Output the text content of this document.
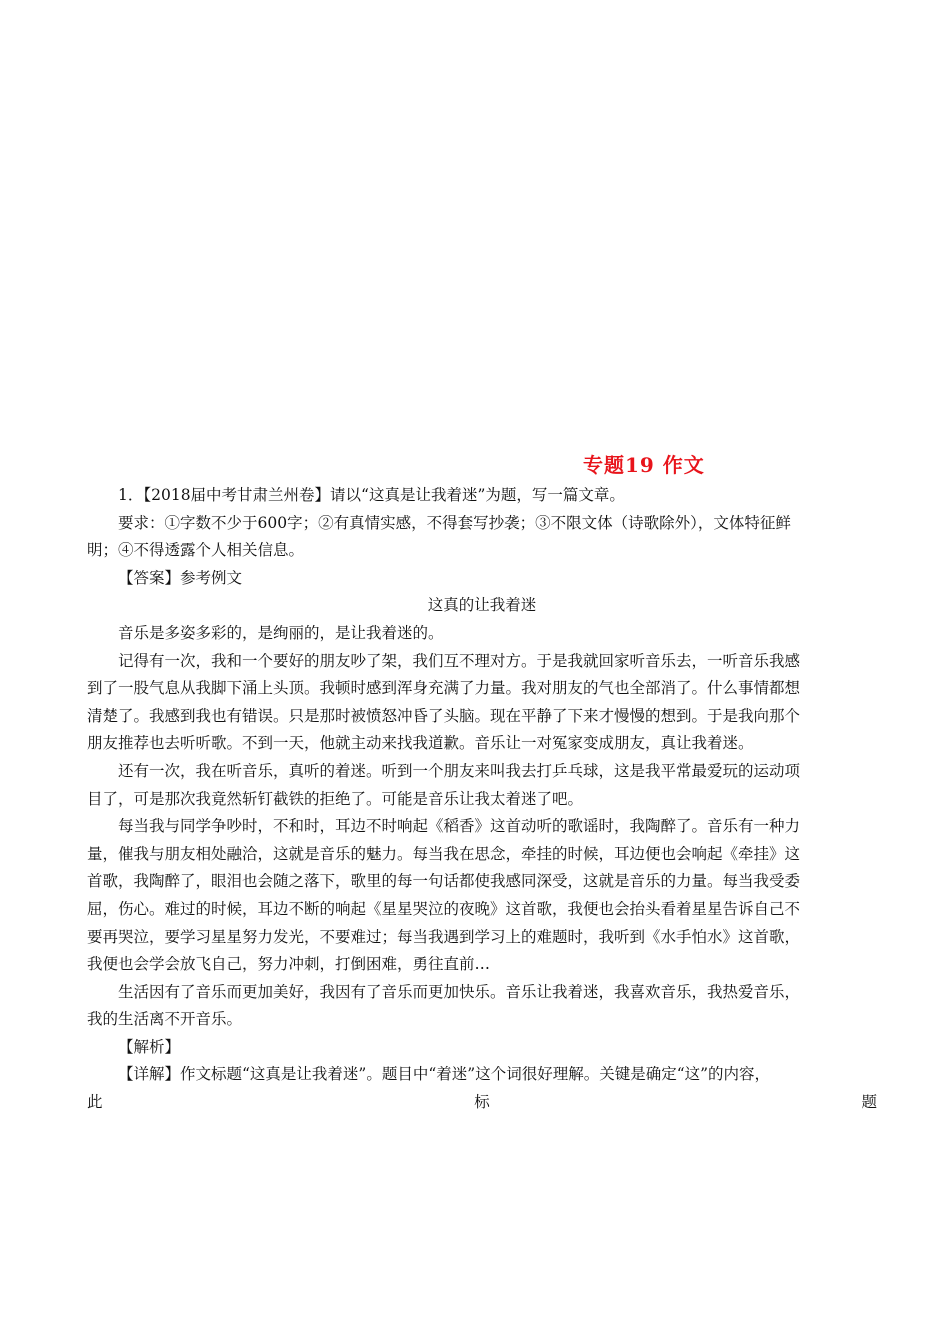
专题19 作文

1．【2018届中考甘肃兰州卷】请以“这真是让我着迷”为题，写一篇文章。

要求：①字数不少于600字；②有真情实感，不得套写抄袭；③不限文体（诗歌除外），文体特征鲜

明；④不得透露个人相关信息。

【答案】参考例文

这真的让我着迷

音乐是多姿多彩的，是绚丽的，是让我着迷的。

记得有一次，我和一个要好的朋友吵了架，我们互不理对方。于是我就回家听音乐去，一听音乐我感

到了一股气息从我脚下涌上头顶。我顿时感到浑身充满了力量。我对朋友的气也全部消了。什么事情都想

清楚了。我感到我也有错误。只是那时被愤怒冲昏了头脑。现在平静了下来才慢慢的想到。于是我向那个

朋友推荐也去听听歌。不到一天，他就主动来找我道歉。音乐让一对冤家变成朋友，真让我着迷。

还有一次，我在听音乐，真听的着迷。听到一个朋友来叫我去打乒乓球，这是我平常最爱玩的运动项

目了，可是那次我竟然斩钉截铁的拒绝了。可能是音乐让我太着迷了吧。

每当我与同学争吵时，不和时，耳边不时响起《稻香》这首动听的歌谣时，我陶醉了。音乐有一种力

量，催我与朋友相处融洽，这就是音乐的魅力。每当我在思念，牵挂的时候，耳边便也会响起《牵挂》这

首歌，我陶醉了，眼泪也会随之落下，歌里的每一句话都使我感同深受，这就是音乐的力量。每当我受委

屈，伤心。难过的时候，耳边不断的响起《星星哭泣的夜晚》这首歌，我便也会抬头看着星星告诉自己不

要再哭泣，要学习星星努力发光，不要难过；每当我遇到学习上的难题时，我听到《水手怕水》这首歌，

我便也会学会放飞自己，努力冲刺，打倒困难，勇往直前…

生活因有了音乐而更加美好，我因有了音乐而更加快乐。音乐让我着迷，我喜欢音乐，我热爱音乐，

我的生活离不开音乐。

【解析】

【详解】作文标题“这真是让我着迷”。题目中“着迷”这个词很好理解。关键是确定“这”的内容，

此	标	题
